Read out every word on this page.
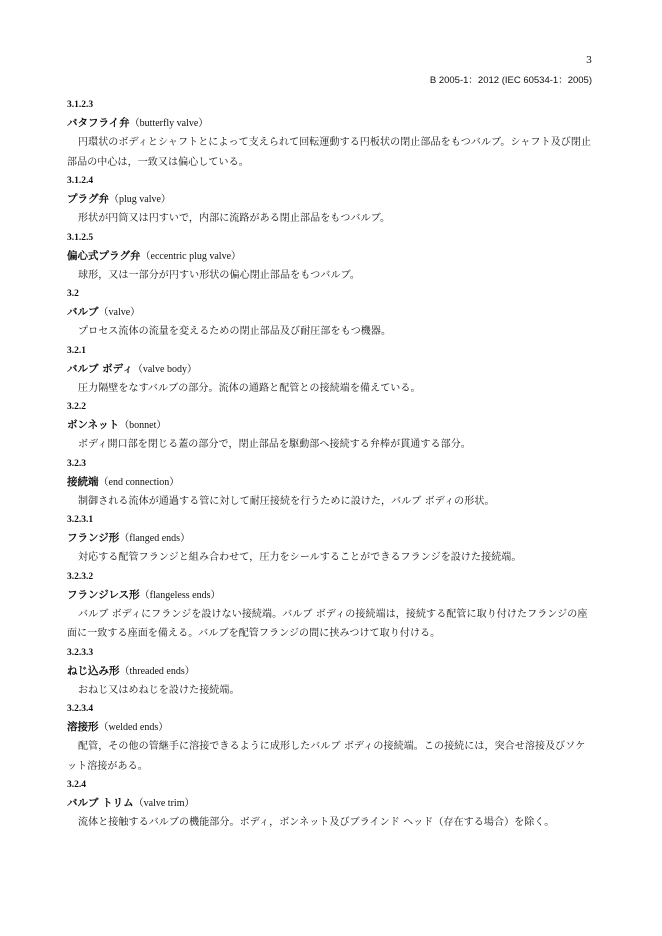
3
B 2005-1：2012 (IEC 60534-1：2005)
3.1.2.3
バタフライ弁（butterfly valve）
円環状のボディとシャフトとによって支えられて回転運動する円板状の閉止部品をもつバルブ。シャフト及び閉止部品の中心は，一致又は偏心している。
3.1.2.4
プラグ弁（plug valve）
形状が円筒又は円すいで，内部に流路がある閉止部品をもつバルブ。
3.1.2.5
偏心式プラグ弁（eccentric plug valve）
球形，又は一部分が円すい形状の偏心閉止部品をもつバルブ。
3.2
バルブ（valve）
プロセス流体の流量を変えるための閉止部品及び耐圧部をもつ機器。
3.2.1
バルブ ボディ（valve body）
圧力隔壁をなすバルブの部分。流体の通路と配管との接続端を備えている。
3.2.2
ボンネット（bonnet）
ボディ開口部を閉じる蓋の部分で，閉止部品を駆動部へ接続する弁棒が貫通する部分。
3.2.3
接続端（end connection）
制御される流体が通過する管に対して耐圧接続を行うために設けた，バルブ ボディの形状。
3.2.3.1
フランジ形（flanged ends）
対応する配管フランジと組み合わせて，圧力をシールすることができるフランジを設けた接続端。
3.2.3.2
フランジレス形（flangeless ends）
バルブ ボディにフランジを設けない接続端。バルブ ボディの接続端は，接続する配管に取り付けたフランジの座面に一致する座面を備える。バルブを配管フランジの間に挟みつけて取り付ける。
3.2.3.3
ねじ込み形（threaded ends）
おねじ又はめねじを設けた接続端。
3.2.3.4
溶接形（welded ends）
配管，その他の管継手に溶接できるように成形したバルブ ボディの接続端。この接続には，突合せ溶接及びソケット溶接がある。
3.2.4
バルブ トリム（valve trim）
流体と接触するバルブの機能部分。ボディ，ボンネット及びブラインド ヘッド（存在する場合）を除く。
